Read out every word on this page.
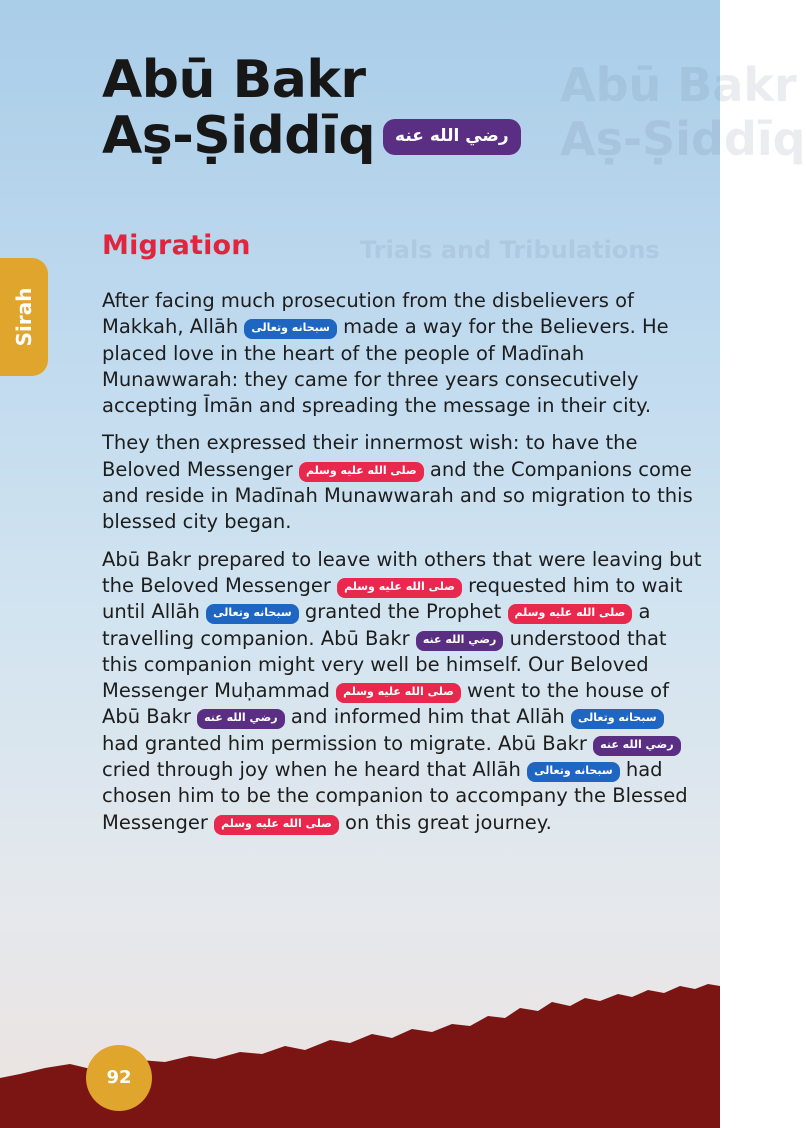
Abū Bakr
Aṣ-Ṣiddīq
Trials and Tribulations
Sirah
Abū Bakr
Aṣ-Ṣiddīq رضي الله عنه
Migration

After facing much prosecution from the disbelievers of Makkah, Allāh سبحانه وتعالى made a way for the Believers. He placed love in the heart of the people of Madīnah Munawwarah: they came for three years consecutively accepting Īmān and spreading the message in their city.

They then expressed their innermost wish: to have the Beloved Messenger صلى الله عليه وسلم and the Companions come and reside in Madīnah Munawwarah and so migration to this blessed city began.

Abū Bakr prepared to leave with others that were leaving but the Beloved Messenger صلى الله عليه وسلم requested him to wait until Allāh سبحانه وتعالى granted the Prophet صلى الله عليه وسلم a travelling companion. Abū Bakr رضي الله عنه understood that this companion might very well be himself. Our Beloved Messenger Muḥammad صلى الله عليه وسلم went to the house of Abū Bakr رضي الله عنه and informed him that Allāh سبحانه وتعالى had granted him permission to migrate. Abū Bakr رضي الله عنه cried through joy when he heard that Allāh سبحانه وتعالى had chosen him to be the companion to accompany the Blessed Messenger صلى الله عليه وسلم on this great journey.

92
